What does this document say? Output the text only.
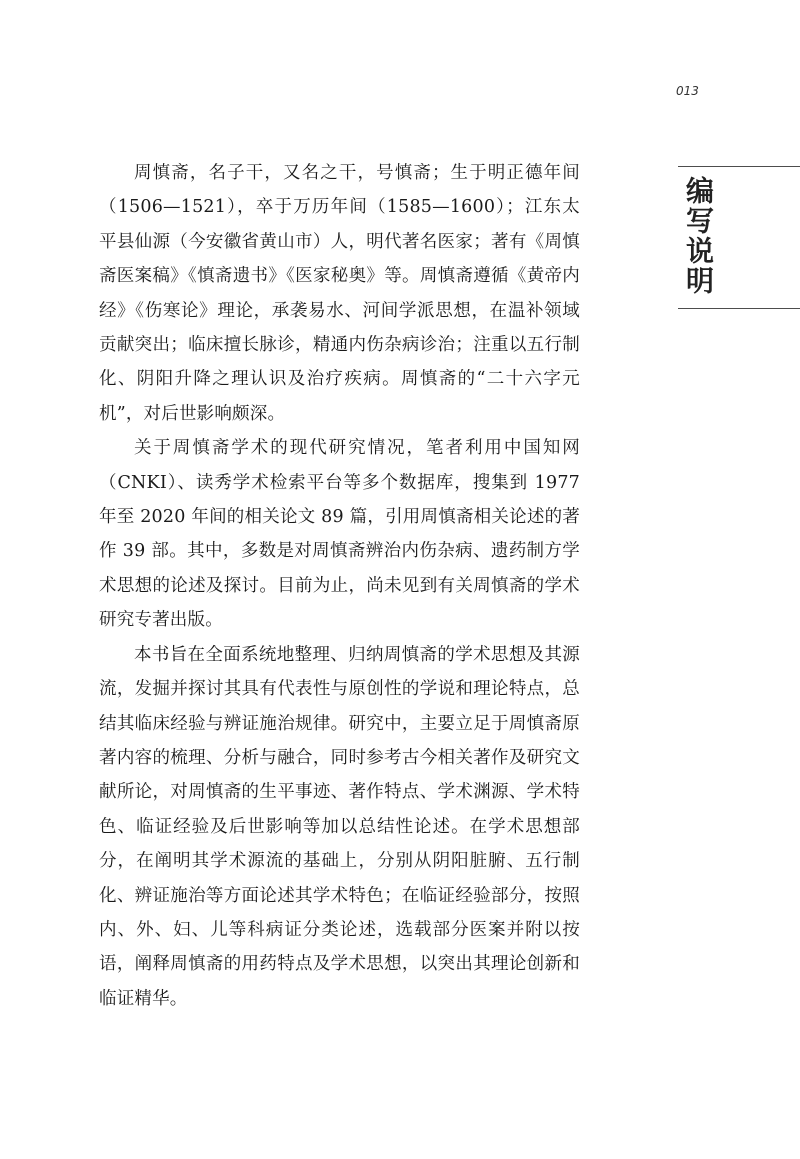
013
编写说明

周慎斋，名子干，又名之干，号慎斋；生于明正德年间（1506—1521），卒于万历年间（1585—1600）；江东太平县仙源（今安徽省黄山市）人，明代著名医家；著有《周慎斋医案稿》《慎斋遗书》《医家秘奥》等。周慎斋遵循《黄帝内经》《伤寒论》理论，承袭易水、河间学派思想，在温补领域贡献突出；临床擅长脉诊，精通内伤杂病诊治；注重以五行制化、阴阳升降之理认识及治疗疾病。周慎斋的“二十六字元机”，对后世影响颇深。

关于周慎斋学术的现代研究情况，笔者利用中国知网（CNKI）、读秀学术检索平台等多个数据库，搜集到 1977 年至 2020 年间的相关论文 89 篇，引用周慎斋相关论述的著作 39 部。其中，多数是对周慎斋辨治内伤杂病、遗药制方学术思想的论述及探讨。目前为止，尚未见到有关周慎斋的学术研究专著出版。

本书旨在全面系统地整理、归纳周慎斋的学术思想及其源流，发掘并探讨其具有代表性与原创性的学说和理论特点，总结其临床经验与辨证施治规律。研究中，主要立足于周慎斋原著内容的梳理、分析与融合，同时参考古今相关著作及研究文献所论，对周慎斋的生平事迹、著作特点、学术渊源、学术特色、临证经验及后世影响等加以总结性论述。在学术思想部分，在阐明其学术源流的基础上，分别从阴阳脏腑、五行制化、辨证施治等方面论述其学术特色；在临证经验部分，按照内、外、妇、儿等科病证分类论述，选载部分医案并附以按语，阐释周慎斋的用药特点及学术思想，以突出其理论创新和临证精华。
